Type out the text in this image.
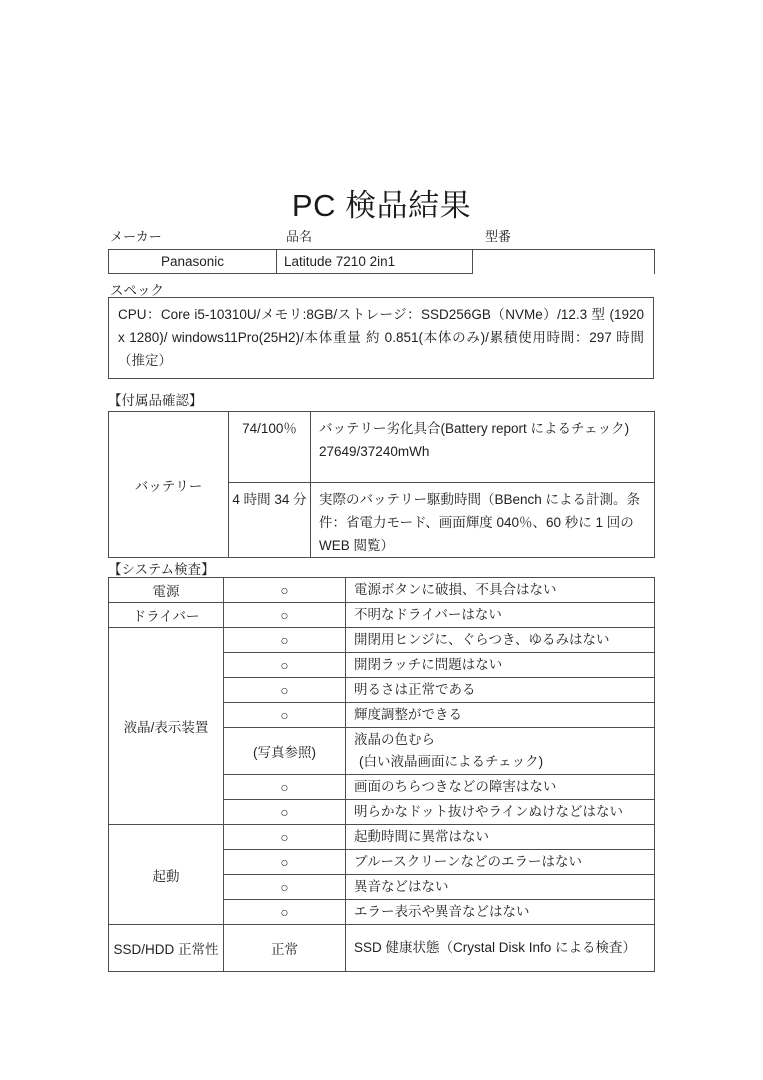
PC 検品結果
メーカー	品名	型番
Panasonic	Latitude 7210 2in1	
スペック
CPU：Core i5-10310U/メモリ:8GB/ストレージ：SSD256GB（NVMe）/12.3 型 (1920 x 1280)/ windows11Pro(25H2)/本体重量 約 0.851(本体のみ)/累積使用時間：297 時間　（推定）
【付属品確認】
バッテリー	74/100％	バッテリー劣化具合(Battery report によるチェック)
27649/37240mWh

	4 時間 34 分	実際のバッテリー駆動時間（BBench による計測。条件：省電力モード、画面輝度 040％、60 秒に 1 回の WEB 閲覧）
【システム検査】
電源	○	電源ボタンに破損、不具合はない
ドライバー	○	不明なドライバーはない
液晶/表示装置	○	開閉用ヒンジに、ぐらつき、ゆるみはない
	○	開閉ラッチに問題はない
	○	明るさは正常である
	○	輝度調整ができる
	(写真参照)	液晶の色むら
(白い液晶画面によるチェック)

	○	画面のちらつきなどの障害はない
	○	明らかなドット抜けやラインぬけなどはない
起動	○	起動時間に異常はない
	○	ブルースクリーンなどのエラーはない
	○	異音などはない
	○	エラー表示や異音などはない
SSD/HDD 正常性	正常	SSD 健康状態（Crystal Disk Info による検査）
